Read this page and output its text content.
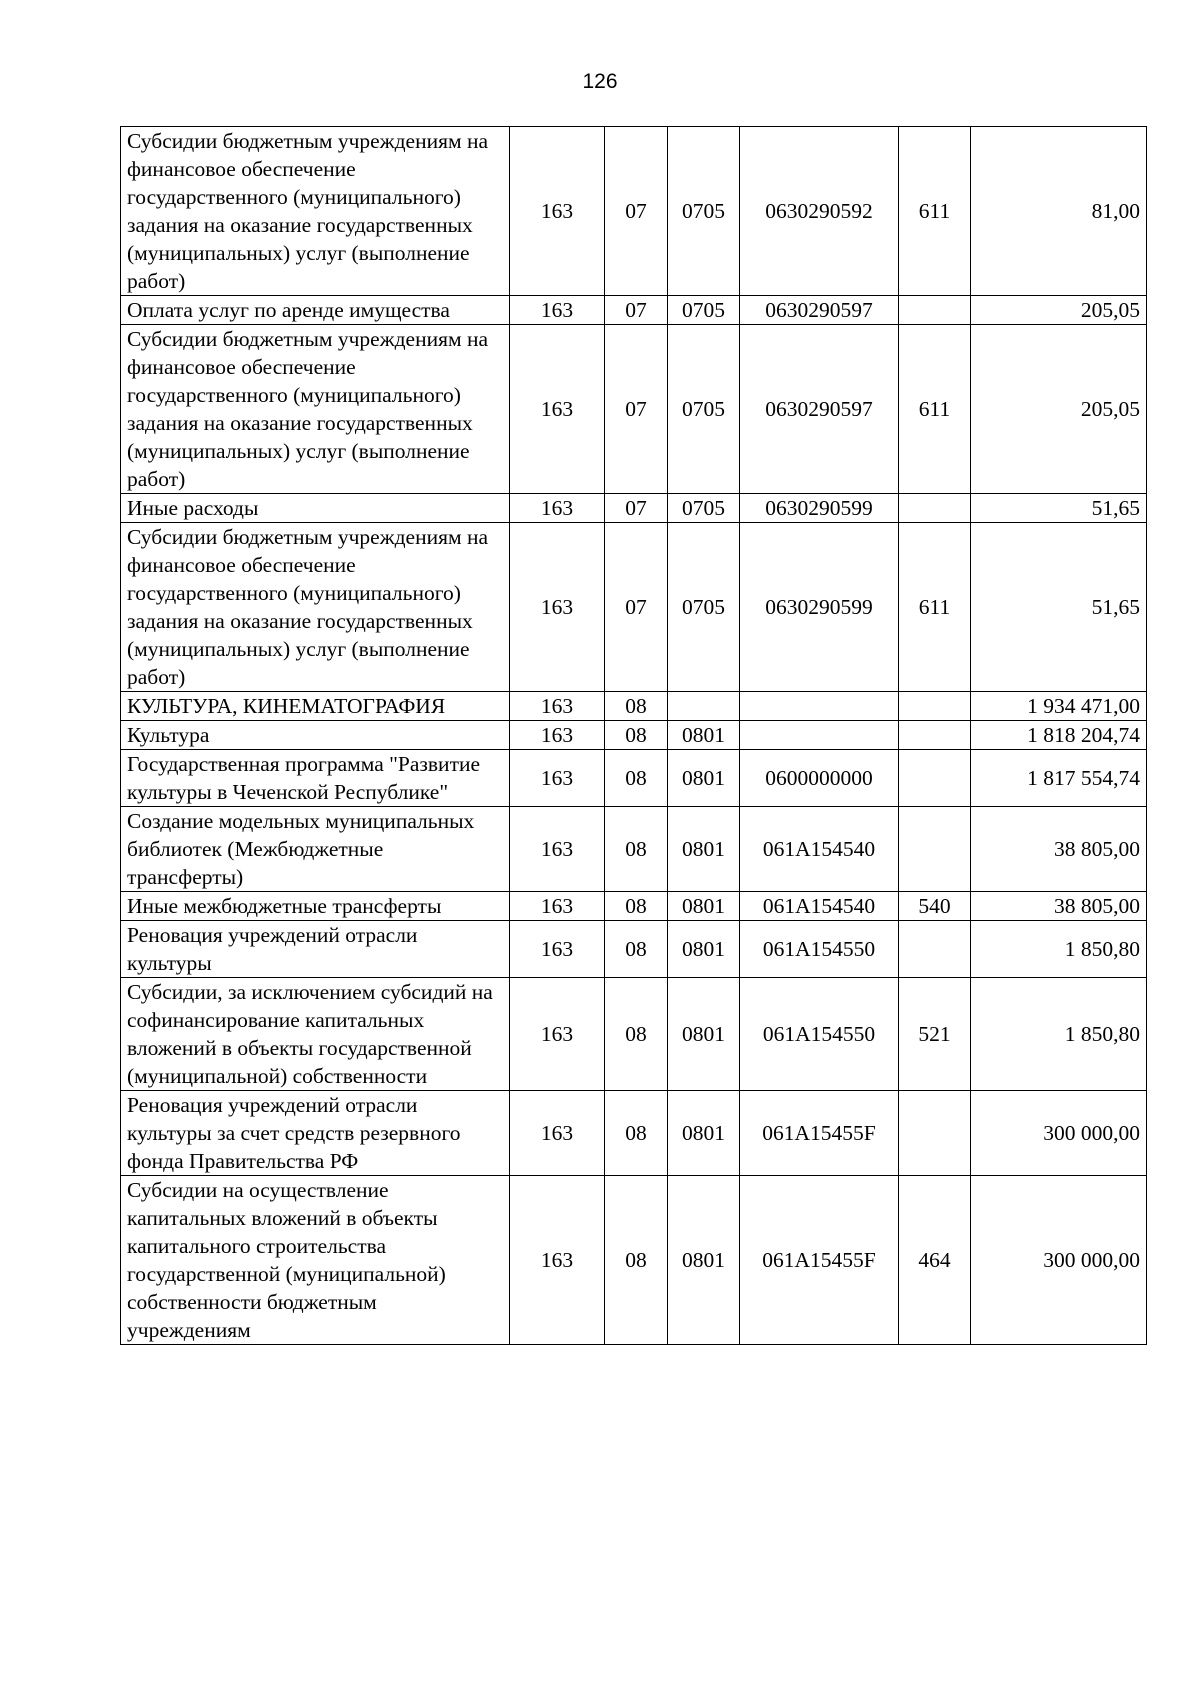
126
Субсидии бюджетным учреждениям на финансовое обеспечение государственного (муниципального) задания на оказание государственных (муниципальных) услуг (выполнение работ)	163	07	0705	0630290592	611	81,00
Оплата услуг по аренде имущества	163	07	0705	0630290597		205,05
Субсидии бюджетным учреждениям на финансовое обеспечение государственного (муниципального) задания на оказание государственных (муниципальных) услуг (выполнение работ)	163	07	0705	0630290597	611	205,05
Иные расходы	163	07	0705	0630290599		51,65
Субсидии бюджетным учреждениям на финансовое обеспечение государственного (муниципального) задания на оказание государственных (муниципальных) услуг (выполнение работ)	163	07	0705	0630290599	611	51,65
КУЛЬТУРА, КИНЕМАТОГРАФИЯ	163	08				1 934 471,00
Культура	163	08	0801			1 818 204,74
Государственная программа "Развитие культуры в Чеченской Республике"	163	08	0801	0600000000		1 817 554,74
Создание модельных муниципальных библиотек (Межбюджетные трансферты)	163	08	0801	061A154540		38 805,00
Иные межбюджетные трансферты	163	08	0801	061A154540	540	38 805,00
Реновация учреждений отрасли культуры	163	08	0801	061A154550		1 850,80
Субсидии, за исключением субсидий на софинансирование капитальных вложений в объекты государственной (муниципальной) собственности	163	08	0801	061A154550	521	1 850,80
Реновация учреждений отрасли культуры за счет средств резервного фонда Правительства РФ	163	08	0801	061A15455F		300 000,00
Субсидии на осуществление капитальных вложений в объекты капитального строительства государственной (муниципальной) собственности бюджетным учреждениям	163	08	0801	061A15455F	464	300 000,00
